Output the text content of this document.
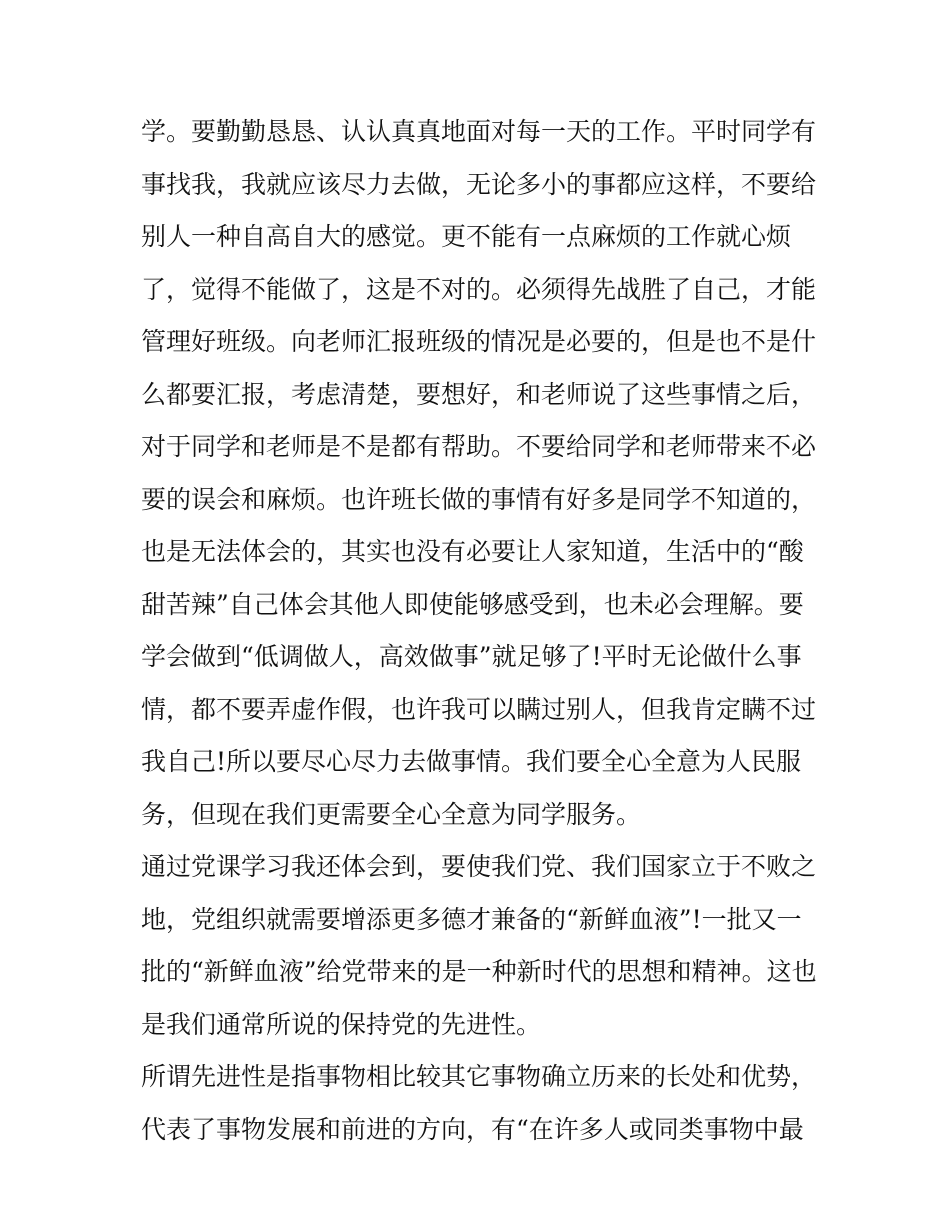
学。要勤勤恳恳、认认真真地面对每一天的工作。平时同学有
事找我，我就应该尽力去做，无论多小的事都应这样，不要给
别人一种自高自大的感觉。更不能有一点麻烦的工作就心烦
了，觉得不能做了，这是不对的。必须得先战胜了自己，才能
管理好班级。向老师汇报班级的情况是必要的，但是也不是什
么都要汇报，考虑清楚，要想好，和老师说了这些事情之后，
对于同学和老师是不是都有帮助。不要给同学和老师带来不必
要的误会和麻烦。也许班长做的事情有好多是同学不知道的，
也是无法体会的，其实也没有必要让人家知道，生活中的“酸
甜苦辣”自己体会其他人即使能够感受到，也未必会理解。要
学会做到“低调做人，高效做事”就足够了!平时无论做什么事
情，都不要弄虚作假，也许我可以瞒过别人，但我肯定瞒不过
我自己!所以要尽心尽力去做事情。我们要全心全意为人民服
务，但现在我们更需要全心全意为同学服务。
通过党课学习我还体会到，要使我们党、我们国家立于不败之
地，党组织就需要增添更多德才兼备的“新鲜血液”!一批又一
批的“新鲜血液”给党带来的是一种新时代的思想和精神。这也
是我们通常所说的保持党的先进性。
所谓先进性是指事物相比较其它事物确立历来的长处和优势，
代表了事物发展和前进的方向，有“在许多人或同类事物中最
